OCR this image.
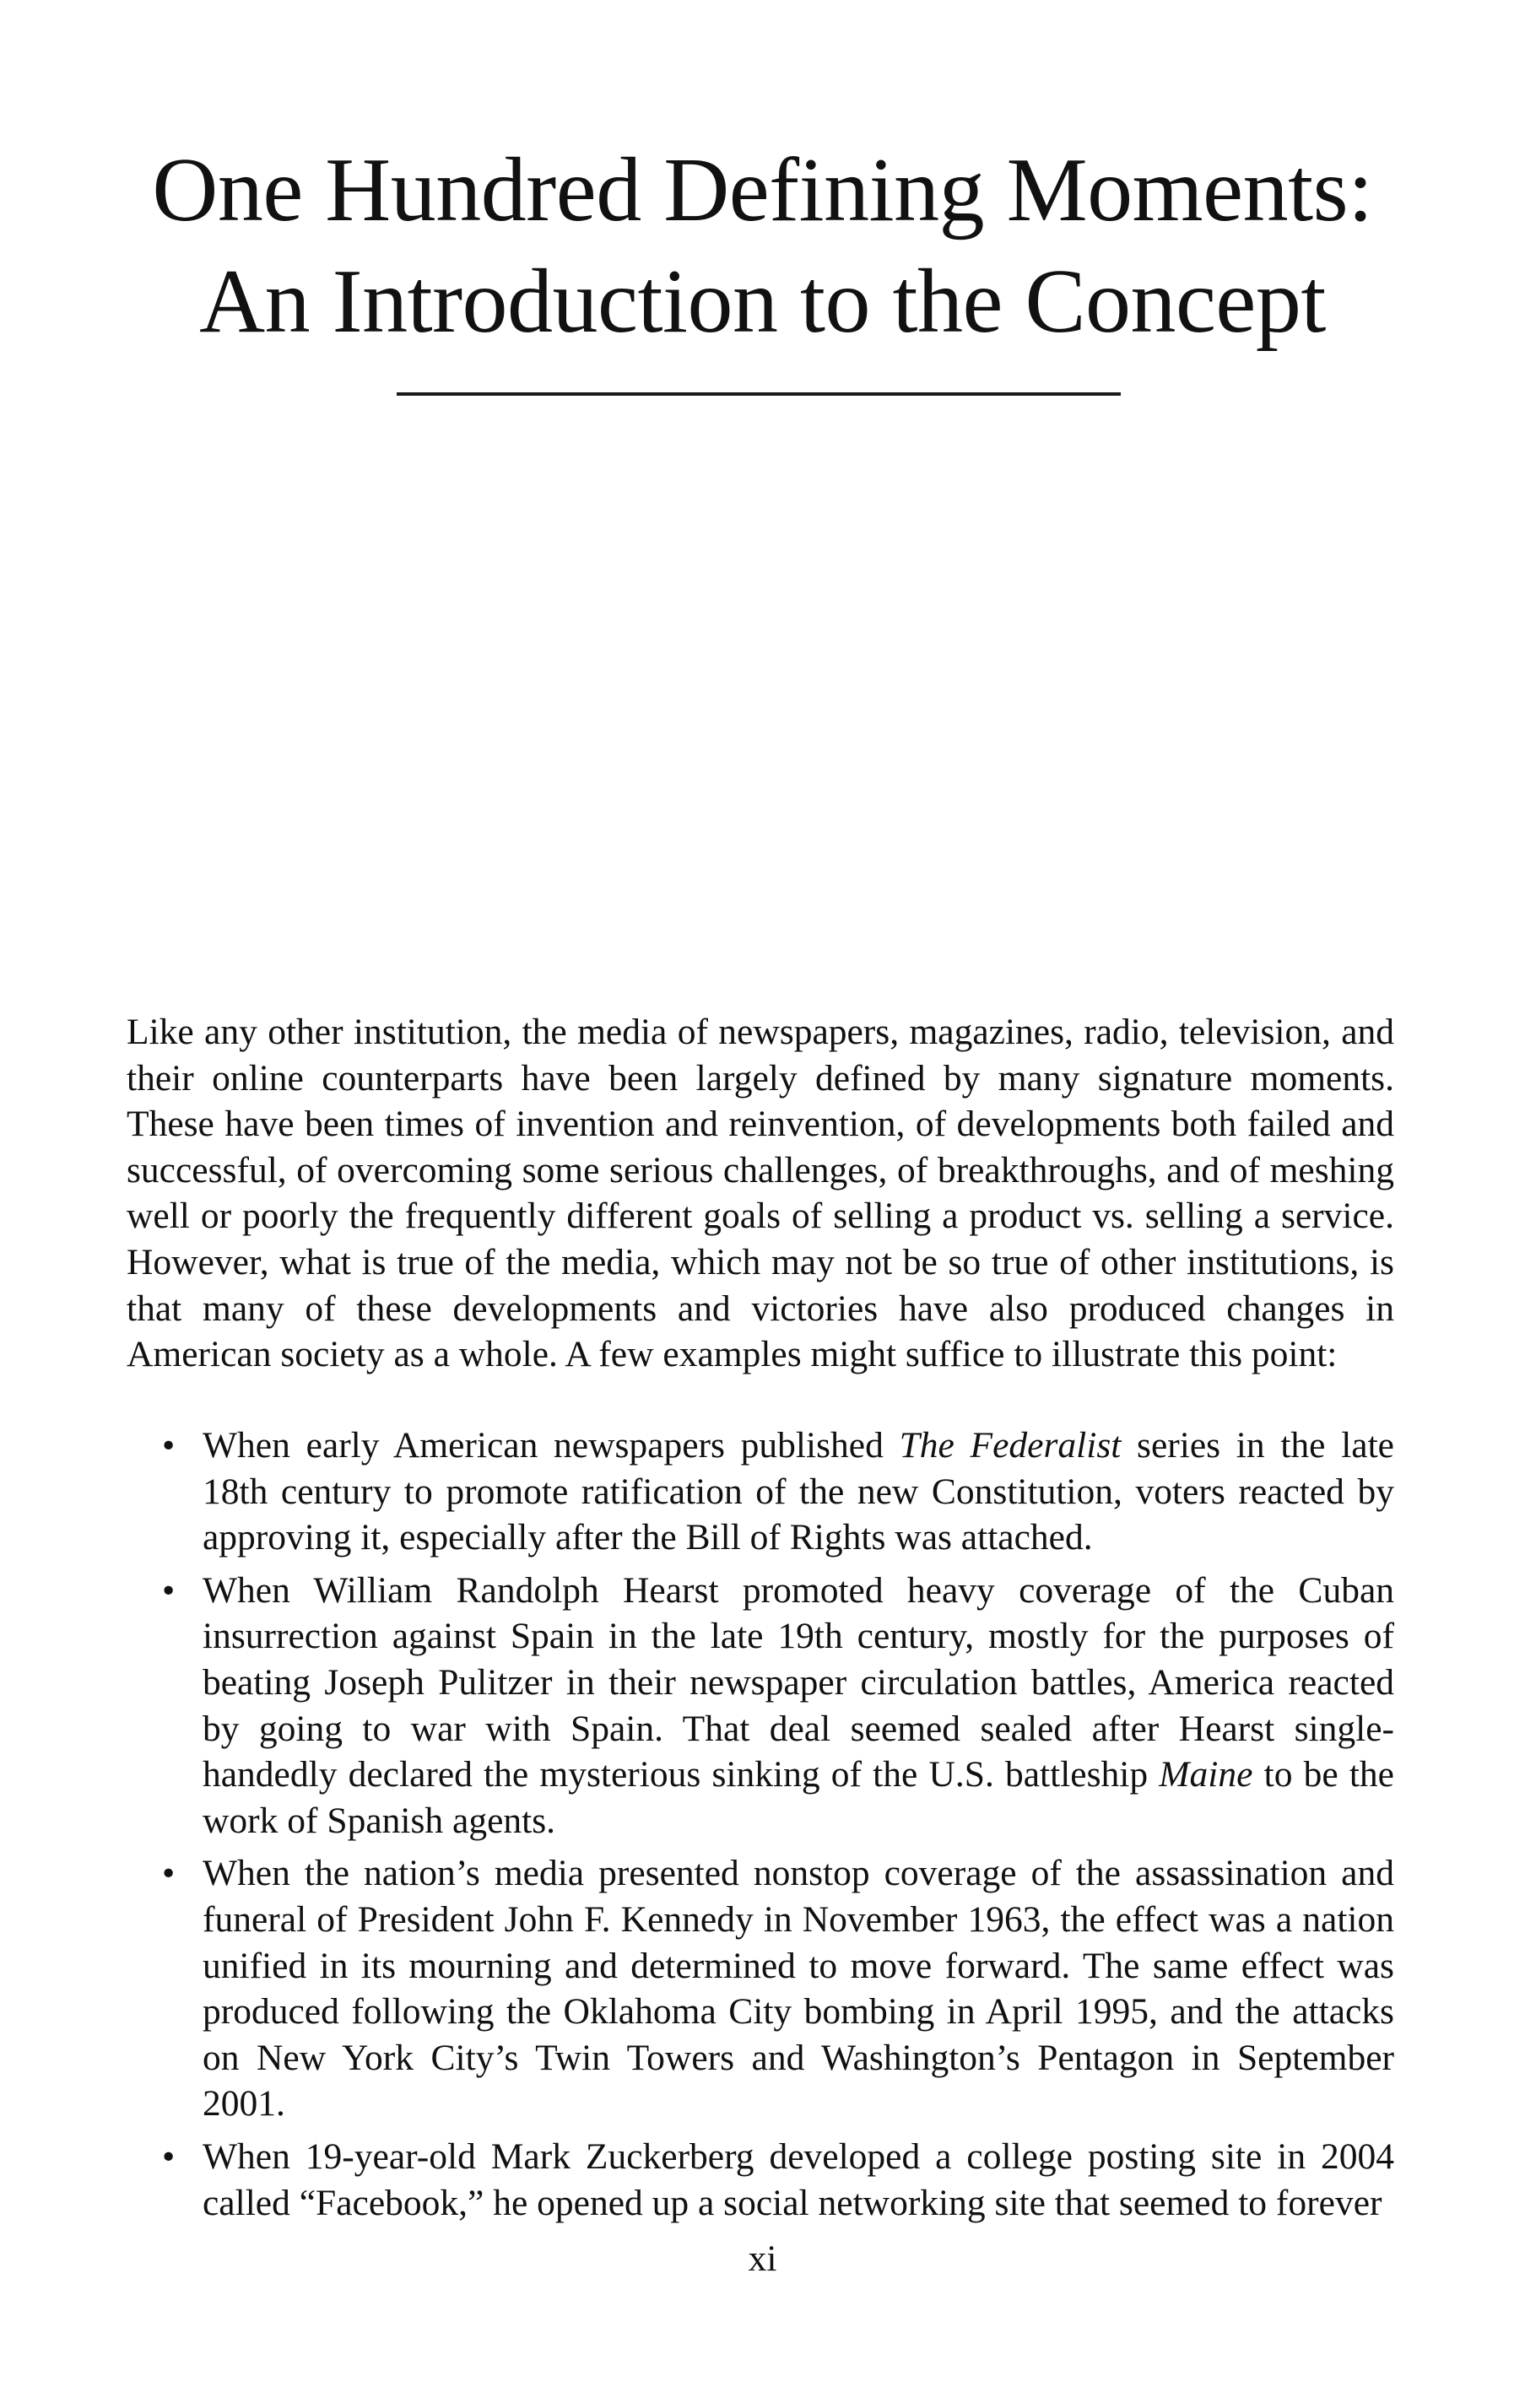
One Hundred Defining Moments:
An Introduction to the Concept

Like any other institution, the media of newspapers, magazines, radio, television, and their online counterparts have been largely defined by many signature moments. These have been times of invention and reinvention, of developments both failed and successful, of overcoming some serious challenges, of breakthroughs, and of meshing well or poorly the frequently different goals of selling a product vs. selling a service. However, what is true of the media, which may not be so true of other institutions, is that many of these developments and victories have also produced changes in American society as a whole. A few examples might suffice to illustrate this point:

• When early American newspapers published The Federalist series in the late 18th century to promote ratification of the new Constitution, voters reacted by approving it, especially after the Bill of Rights was attached.
• When William Randolph Hearst promoted heavy coverage of the Cuban insurrection against Spain in the late 19th century, mostly for the purposes of beating Joseph Pulitzer in their newspaper circulation battles, America reacted by going to war with Spain. That deal seemed sealed after Hearst single-handedly declared the mysterious sinking of the U.S. battleship Maine to be the work of Spanish agents.
• When the nation’s media presented nonstop coverage of the assassination and funeral of President John F. Kennedy in November 1963, the effect was a nation unified in its mourning and determined to move forward. The same effect was produced following the Oklahoma City bombing in April 1995, and the attacks on New York City’s Twin Towers and Washington’s Pentagon in September 2001.
• When 19-year-old Mark Zuckerberg developed a college posting site in 2004 called “Facebook,” he opened up a social networking site that seemed to forever
xi
